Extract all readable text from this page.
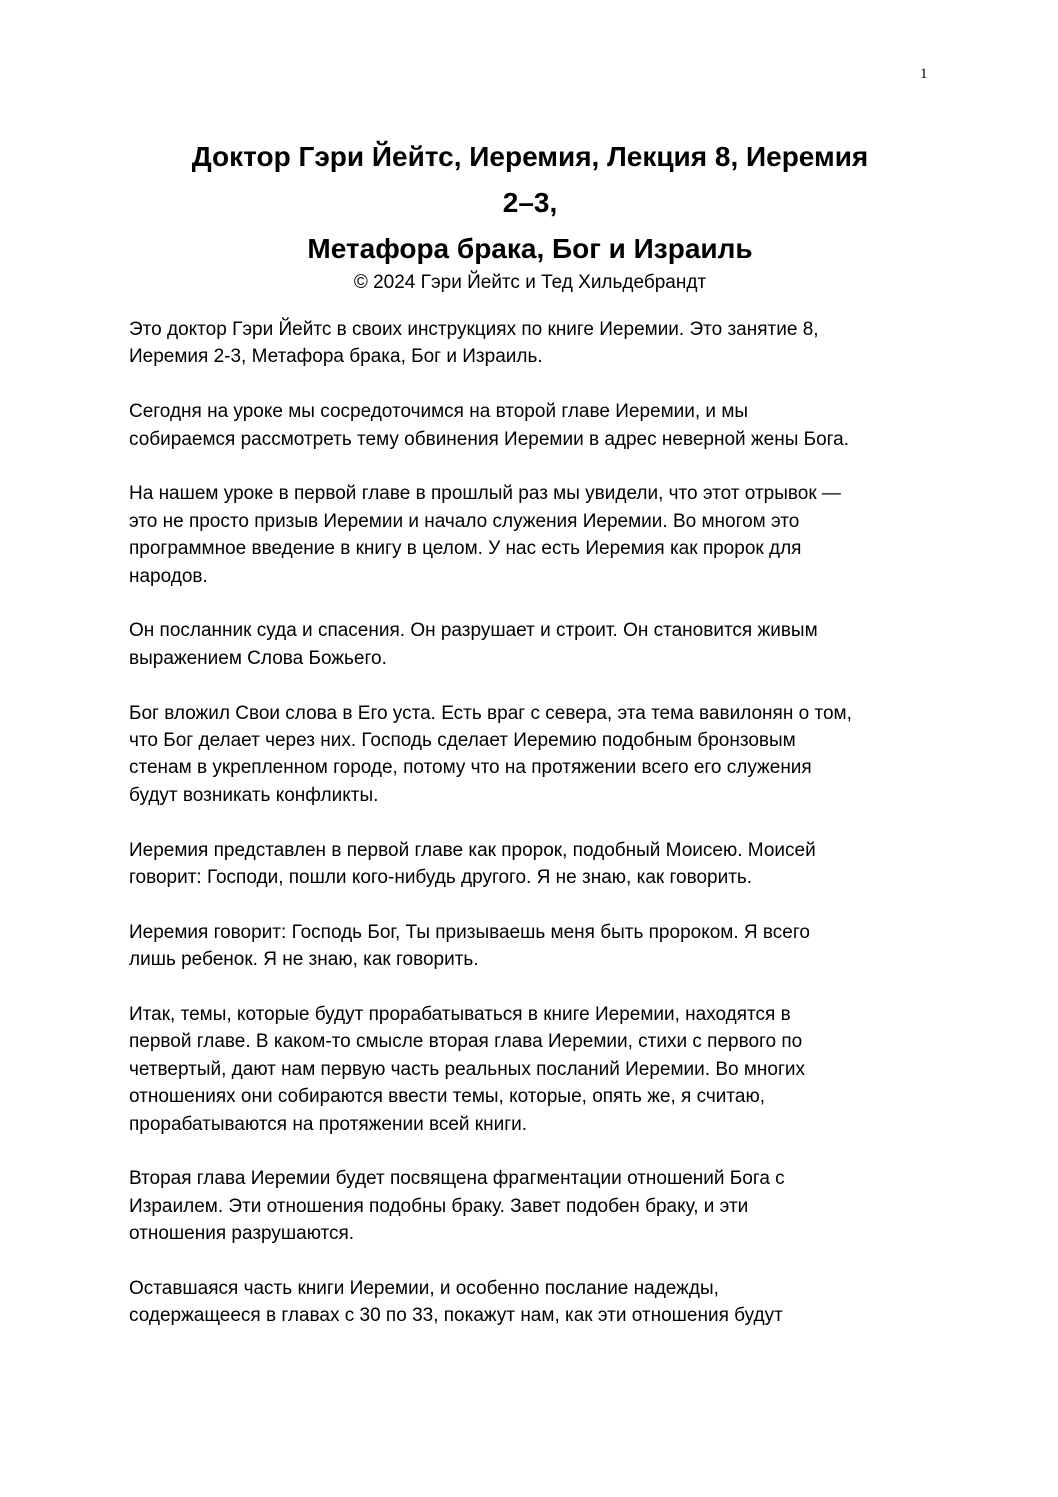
1
Доктор Гэри Йейтс, Иеремия, Лекция 8, Иеремия
2–3,
Метафора брака, Бог и Израиль
© 2024 Гэри Йейтс и Тед Хильдебрандт

Это доктор Гэри Йейтс в своих инструкциях по книге Иеремии. Это занятие 8,
Иеремия 2-3, Метафора брака, Бог и Израиль.

Сегодня на уроке мы сосредоточимся на второй главе Иеремии, и мы
собираемся рассмотреть тему обвинения Иеремии в адрес неверной жены Бога.

На нашем уроке в первой главе в прошлый раз мы увидели, что этот отрывок —
это не просто призыв Иеремии и начало служения Иеремии. Во многом это
программное введение в книгу в целом. У нас есть Иеремия как пророк для
народов.

Он посланник суда и спасения. Он разрушает и строит. Он становится живым
выражением Слова Божьего.

Бог вложил Свои слова в Его уста. Есть враг с севера, эта тема вавилонян о том,
что Бог делает через них. Господь сделает Иеремию подобным бронзовым
стенам в укрепленном городе, потому что на протяжении всего его служения
будут возникать конфликты.

Иеремия представлен в первой главе как пророк, подобный Моисею. Моисей
говорит: Господи, пошли кого-нибудь другого. Я не знаю, как говорить.

Иеремия говорит: Господь Бог, Ты призываешь меня быть пророком. Я всего
лишь ребенок. Я не знаю, как говорить.

Итак, темы, которые будут прорабатываться в книге Иеремии, находятся в
первой главе. В каком-то смысле вторая глава Иеремии, стихи с первого по
четвертый, дают нам первую часть реальных посланий Иеремии. Во многих
отношениях они собираются ввести темы, которые, опять же, я считаю,
прорабатываются на протяжении всей книги.

Вторая глава Иеремии будет посвящена фрагментации отношений Бога с
Израилем. Эти отношения подобны браку. Завет подобен браку, и эти
отношения разрушаются.

Оставшаяся часть книги Иеремии, и особенно послание надежды,
содержащееся в главах с 30 по 33, покажут нам, как эти отношения будут
